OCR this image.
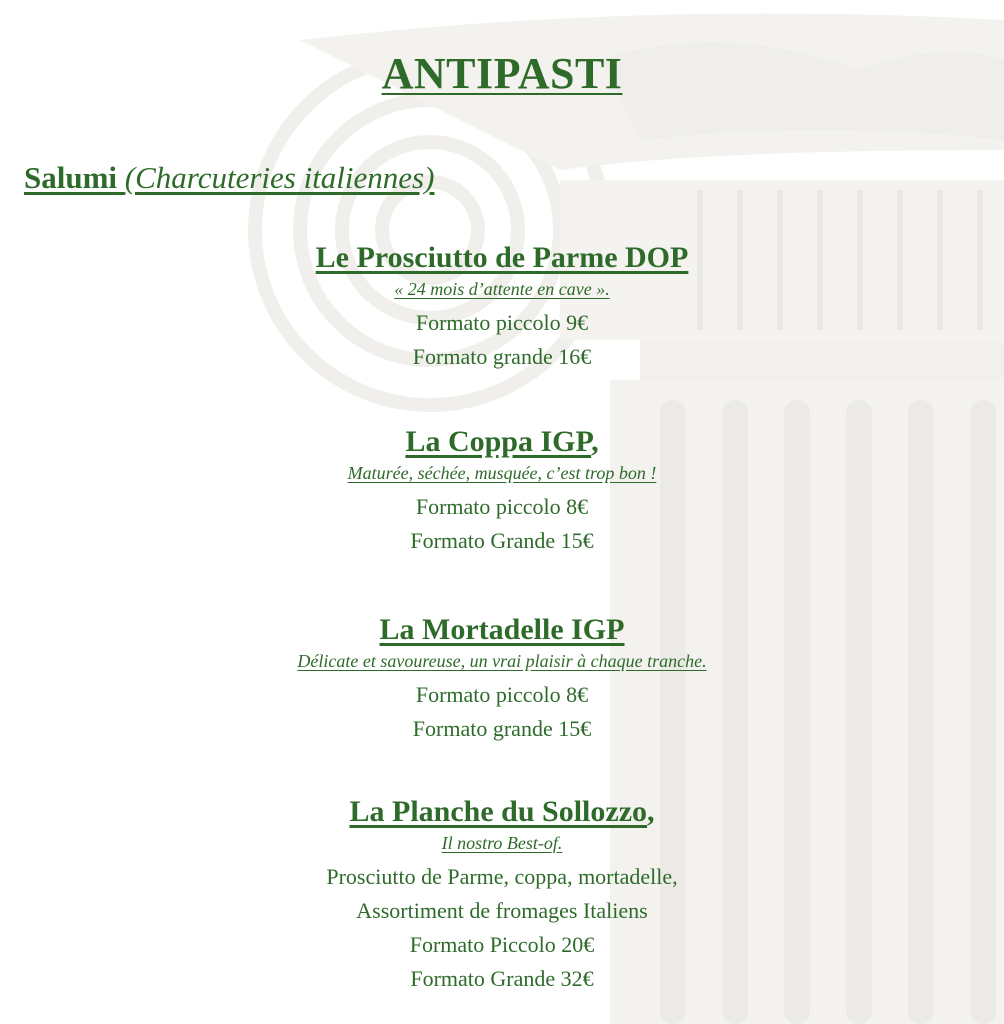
ANTIPASTI
Salumi (Charcuteries italiennes)
Le Prosciutto de Parme DOP
« 24 mois d’attente en cave ».
Formato piccolo 9€
Formato grande 16€
La Coppa IGP,
Maturée, séchée, musquée, c’est trop bon !
Formato piccolo 8€
Formato Grande 15€
La Mortadelle IGP
Délicate et savoureuse, un vrai plaisir à chaque tranche.
Formato piccolo 8€
Formato grande 15€
La Planche du Sollozzo,
Il nostro Best-of.
Prosciutto de Parme, coppa, mortadelle,
Assortiment de fromages Italiens
Formato Piccolo 20€
Formato Grande 32€
